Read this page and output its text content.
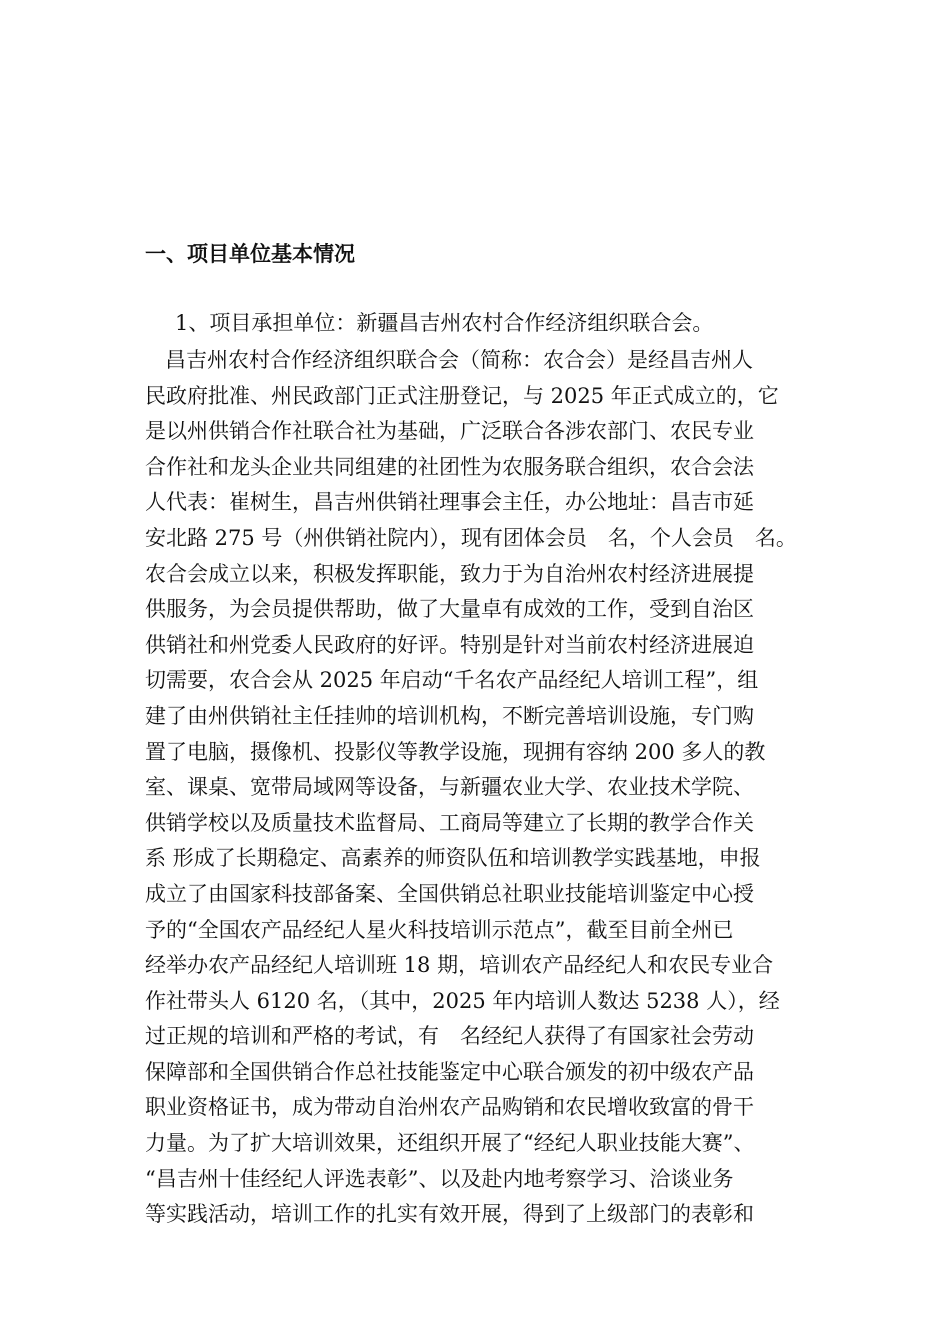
一、项目单位基本情况
1、项目承担单位：新疆昌吉州农村合作经济组织联合会。
昌吉州农村合作经济组织联合会（简称：农合会）是经昌吉州人
民政府批准、州民政部门正式注册登记，与 2025 年正式成立的，它
是以州供销合作社联合社为基础，广泛联合各涉农部门、农民专业
合作社和龙头企业共同组建的社团性为农服务联合组织，农合会法
人代表：崔树生，昌吉州供销社理事会主任，办公地址：昌吉市延
安北路 275 号（州供销社院内），现有团体会员　名，个人会员　名。
农合会成立以来，积极发挥职能，致力于为自治州农村经济进展提
供服务，为会员提供帮助，做了大量卓有成效的工作，受到自治区
供销社和州党委人民政府的好评。特别是针对当前农村经济进展迫
切需要，农合会从 2025 年启动“千名农产品经纪人培训工程”，组
建了由州供销社主任挂帅的培训机构，不断完善培训设施，专门购
置了电脑，摄像机、投影仪等教学设施，现拥有容纳 200 多人的教
室、课桌、宽带局域网等设备，与新疆农业大学、农业技术学院、
供销学校以及质量技术监督局、工商局等建立了长期的教学合作关
系 形成了长期稳定、高素养的师资队伍和培训教学实践基地，申报
成立了由国家科技部备案、全国供销总社职业技能培训鉴定中心授
予的“全国农产品经纪人星火科技培训示范点”，截至目前全州已
经举办农产品经纪人培训班 18 期，培训农产品经纪人和农民专业合
作社带头人 6120 名，（其中，2025 年内培训人数达 5238 人），经
过正规的培训和严格的考试，有　名经纪人获得了有国家社会劳动
保障部和全国供销合作总社技能鉴定中心联合颁发的初中级农产品
职业资格证书，成为带动自治州农产品购销和农民增收致富的骨干
力量。为了扩大培训效果，还组织开展了“经纪人职业技能大赛”、
“昌吉州十佳经纪人评选表彰”、以及赴内地考察学习、洽谈业务
等实践活动，培训工作的扎实有效开展，得到了上级部门的表彰和
